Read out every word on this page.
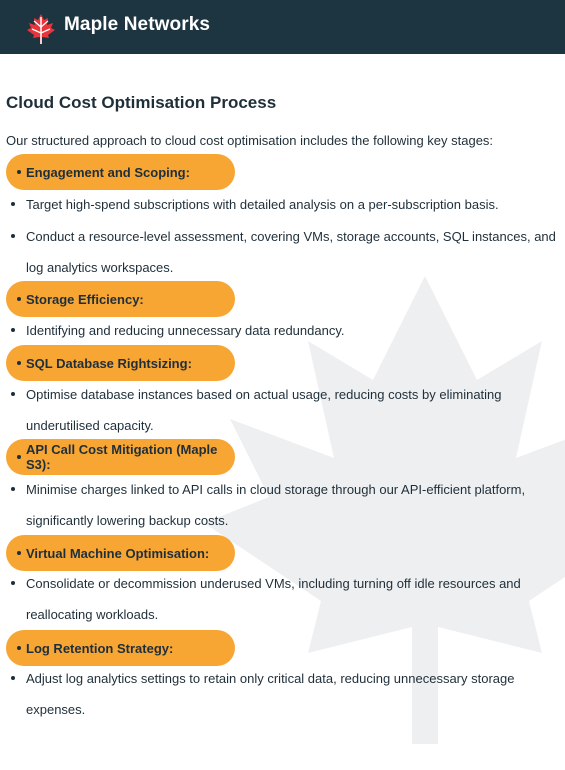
Maple Networks
Cloud Cost Optimisation Process
Our structured approach to cloud cost optimisation includes the following key stages:
Engagement and Scoping:
Target high-spend subscriptions with detailed analysis on a per-subscription basis.
Conduct a resource-level assessment, covering VMs, storage accounts, SQL instances, and log analytics workspaces.
Storage Efficiency:
Identifying and reducing unnecessary data redundancy.
SQL Database Rightsizing:
Optimise database instances based on actual usage, reducing costs by eliminating underutilised capacity.
API Call Cost Mitigation (Maple S3):
Minimise charges linked to API calls in cloud storage through our API-efficient platform, significantly lowering backup costs.
Virtual Machine Optimisation:
Consolidate or decommission underused VMs, including turning off idle resources and reallocating workloads.
Log Retention Strategy:
Adjust log analytics settings to retain only critical data, reducing unnecessary storage expenses.
